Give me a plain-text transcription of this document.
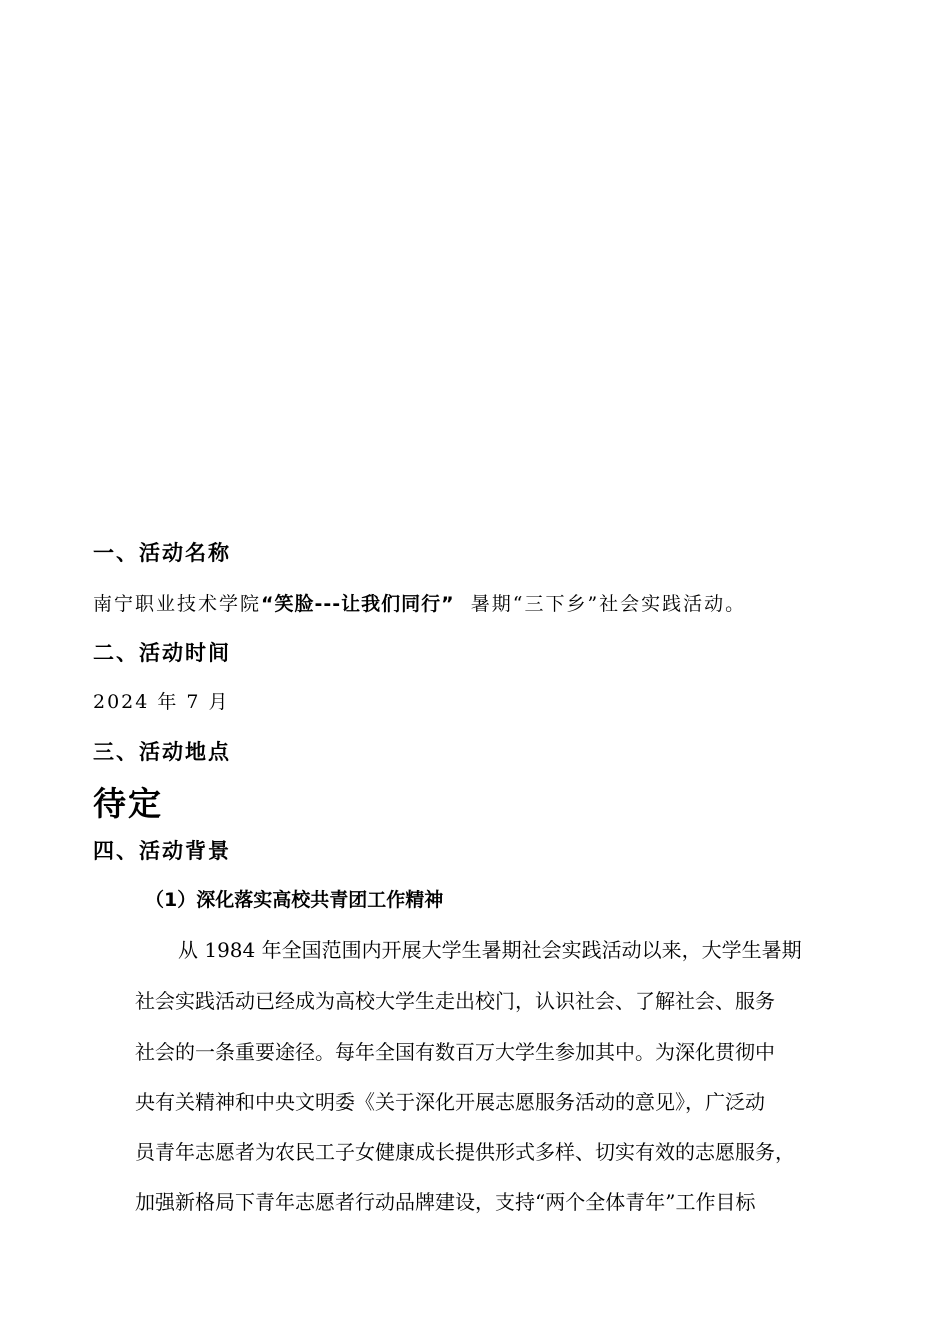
一、活动名称
南宁职业技术学院“笑脸---让我们同行” 暑期“三下乡”社会实践活动。
二、活动时间
2024 年 7 月
三、活动地点
待定
四、活动背景
（1）深化落实高校共青团工作精神
从 1984 年全国范围内开展大学生暑期社会实践活动以来，大学生暑期
社会实践活动已经成为高校大学生走出校门，认识社会、了解社会、服务
社会的一条重要途径。每年全国有数百万大学生参加其中。为深化贯彻中
央有关精神和中央文明委《关于深化开展志愿服务活动的意见》，广泛动
员青年志愿者为农民工子女健康成长提供形式多样、切实有效的志愿服务，
加强新格局下青年志愿者行动品牌建设，支持“两个全体青年”工作目标
